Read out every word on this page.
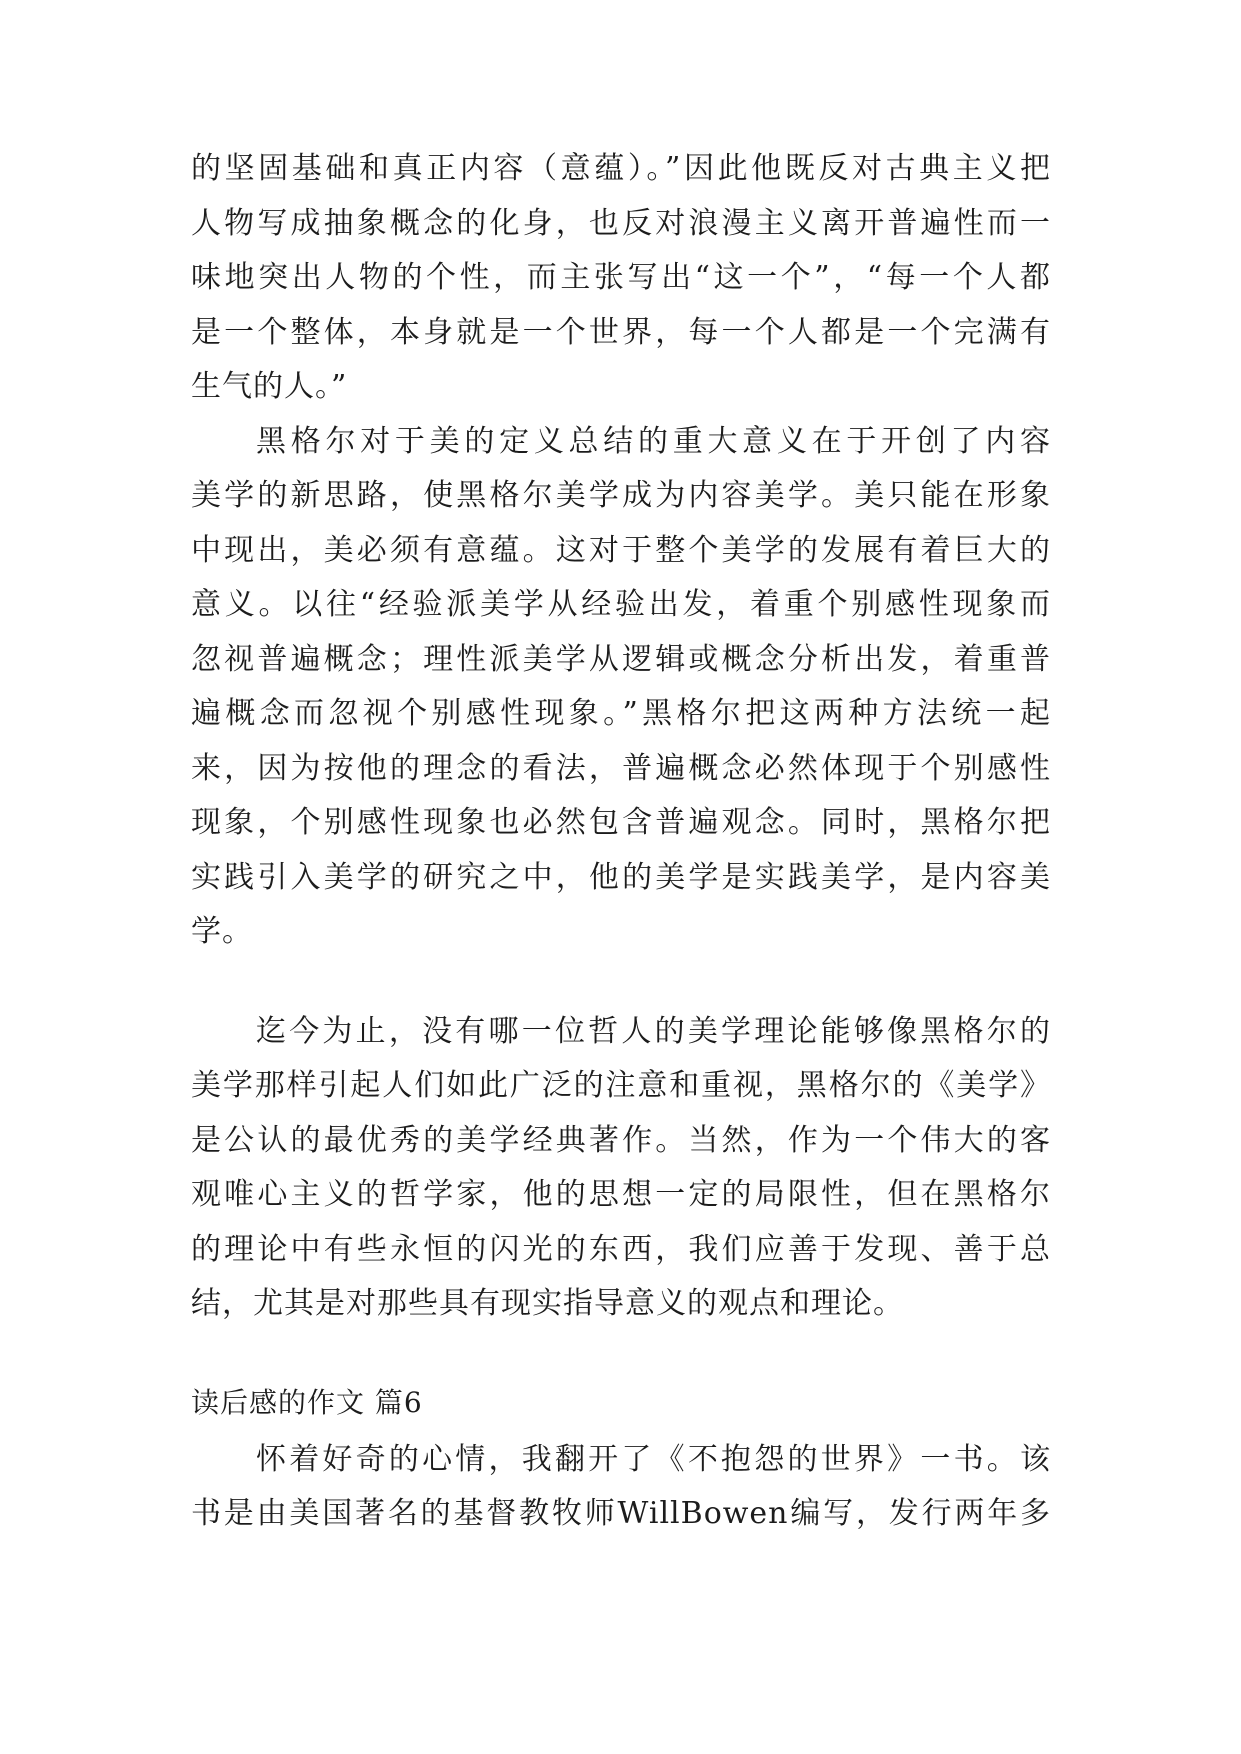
的坚固基础和真正内容（意蕴）。”因此他既反对古典主义把
人物写成抽象概念的化身，也反对浪漫主义离开普遍性而一
味地突出人物的个性，而主张写出“这一个”，“每一个人都
是一个整体，本身就是一个世界，每一个人都是一个完满有
生气的人。”
黑格尔对于美的定义总结的重大意义在于开创了内容
美学的新思路，使黑格尔美学成为内容美学。美只能在形象
中现出，美必须有意蕴。这对于整个美学的发展有着巨大的
意义。以往“经验派美学从经验出发，着重个别感性现象而
忽视普遍概念；理性派美学从逻辑或概念分析出发，着重普
遍概念而忽视个别感性现象。”黑格尔把这两种方法统一起
来，因为按他的理念的看法，普遍概念必然体现于个别感性
现象，个别感性现象也必然包含普遍观念。同时，黑格尔把
实践引入美学的研究之中，他的美学是实践美学，是内容美
学。
迄今为止，没有哪一位哲人的美学理论能够像黑格尔的
美学那样引起人们如此广泛的注意和重视，黑格尔的《美学》
是公认的最优秀的美学经典著作。当然，作为一个伟大的客
观唯心主义的哲学家，他的思想一定的局限性，但在黑格尔
的理论中有些永恒的闪光的东西，我们应善于发现、善于总
结，尤其是对那些具有现实指导意义的观点和理论。
读后感的作文 篇6
怀着好奇的心情，我翻开了《不抱怨的世界》一书。该
书是由美国著名的基督教牧师WillBowen编写，发行两年多
